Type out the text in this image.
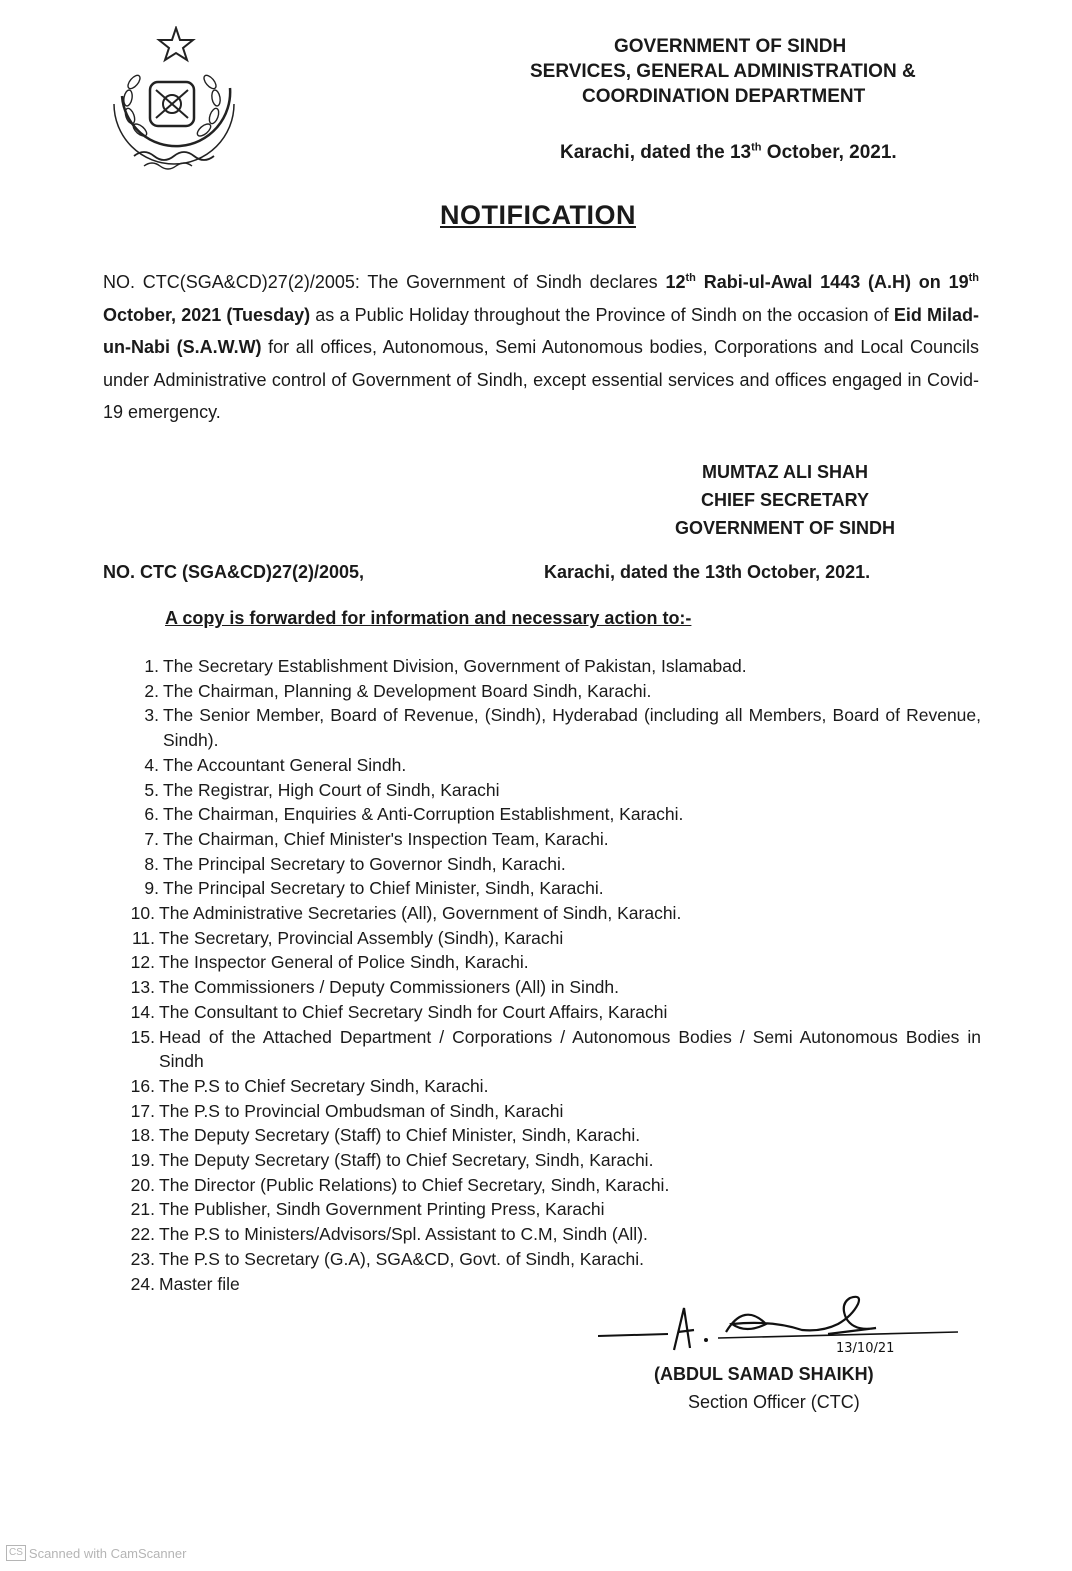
GOVERNMENT OF SINDH
SERVICES, GENERAL ADMINISTRATION &
COORDINATION DEPARTMENT
Karachi, dated the 13th October, 2021.
NOTIFICATION
NO. CTC(SGA&CD)27(2)/2005: The Government of Sindh declares 12th Rabi-ul-Awal 1443 (A.H) on 19th October, 2021 (Tuesday) as a Public Holiday throughout the Province of Sindh on the occasion of Eid Milad-un-Nabi (S.A.W.W) for all offices, Autonomous, Semi Autonomous bodies, Corporations and Local Councils under Administrative control of Government of Sindh, except essential services and offices engaged in Covid-19 emergency.
MUMTAZ ALI SHAH
CHIEF SECRETARY
GOVERNMENT OF SINDH
NO. CTC (SGA&CD)27(2)/2005,	Karachi, dated the 13th October, 2021.
A copy is forwarded for information and necessary action to:-
1. The Secretary Establishment Division, Government of Pakistan, Islamabad.
2. The Chairman, Planning & Development Board Sindh, Karachi.
3. The Senior Member, Board of Revenue, (Sindh), Hyderabad (including all Members, Board of Revenue, Sindh).
4. The Accountant General Sindh.
5. The Registrar, High Court of Sindh, Karachi
6. The Chairman, Enquiries & Anti-Corruption Establishment, Karachi.
7. The Chairman, Chief Minister's Inspection Team, Karachi.
8. The Principal Secretary to Governor Sindh, Karachi.
9. The Principal Secretary to Chief Minister, Sindh, Karachi.
10. The Administrative Secretaries (All), Government of Sindh, Karachi.
11. The Secretary, Provincial Assembly (Sindh), Karachi
12. The Inspector General of Police Sindh, Karachi.
13. The Commissioners / Deputy Commissioners (All) in Sindh.
14. The Consultant to Chief Secretary Sindh for Court Affairs, Karachi
15. Head of the Attached Department / Corporations / Autonomous Bodies / Semi Autonomous Bodies in Sindh
16. The P.S to Chief Secretary Sindh, Karachi.
17. The P.S to Provincial Ombudsman of Sindh, Karachi
18. The Deputy Secretary (Staff) to Chief Minister, Sindh, Karachi.
19. The Deputy Secretary (Staff) to Chief Secretary, Sindh, Karachi.
20. The Director (Public Relations) to Chief Secretary, Sindh, Karachi.
21. The Publisher, Sindh Government Printing Press, Karachi
22. The P.S to Ministers/Advisors/Spl. Assistant to C.M, Sindh (All).
23. The P.S to Secretary (G.A), SGA&CD, Govt. of Sindh, Karachi.
24. Master file
13/10/21
(ABDUL SAMAD SHAIKH)
Section Officer (CTC)
CS Scanned with CamScanner
